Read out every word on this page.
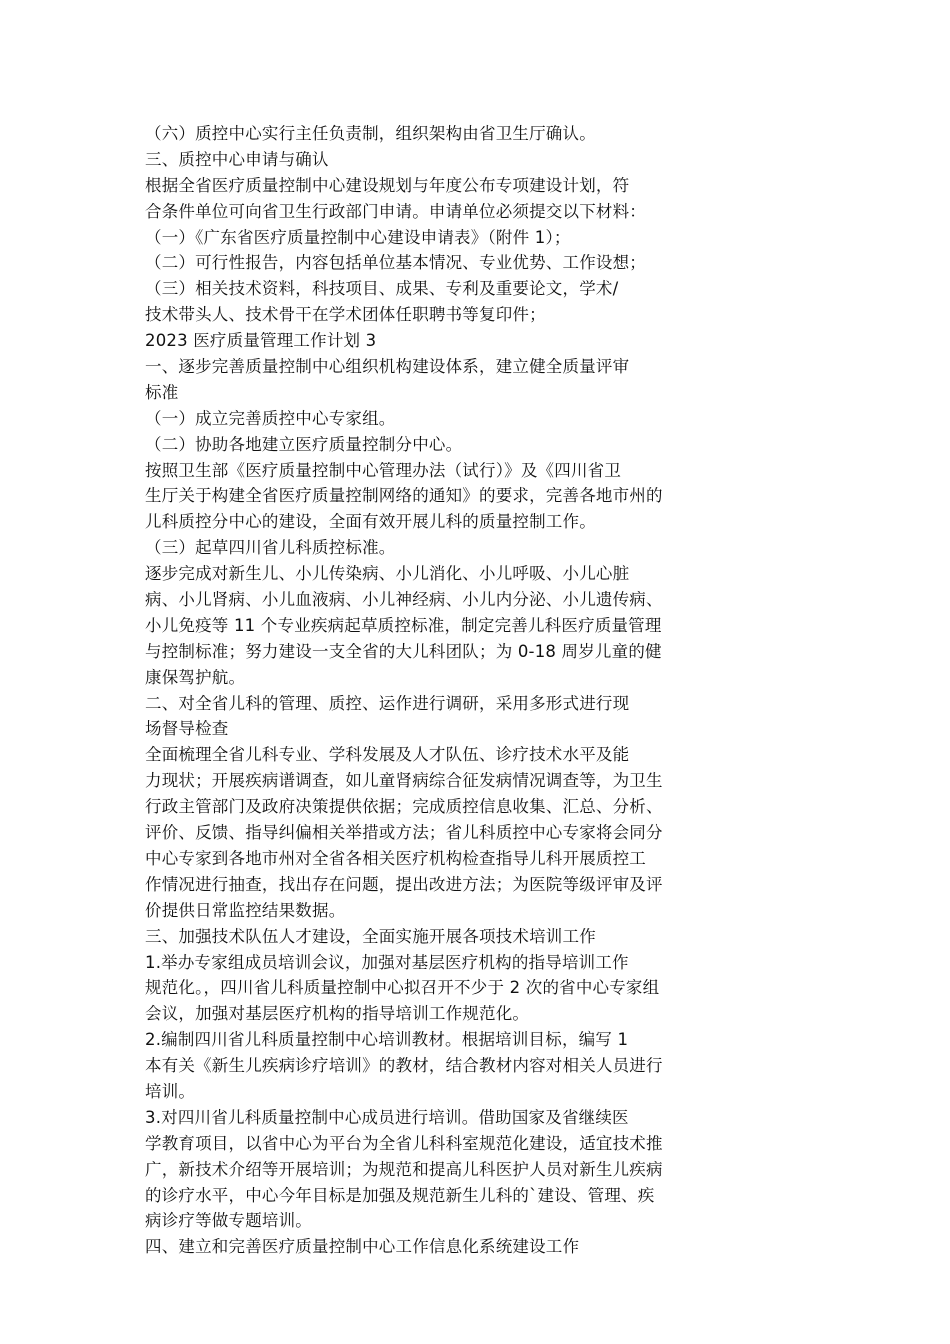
（六）质控中心实行主任负责制，组织架构由省卫生厅确认。
三、质控中心申请与确认
根据全省医疗质量控制中心建设规划与年度公布专项建设计划，符
合条件单位可向省卫生行政部门申请。申请单位必须提交以下材料：
（一）《广东省医疗质量控制中心建设申请表》（附件 1）；
（二）可行性报告，内容包括单位基本情况、专业优势、工作设想；
（三）相关技术资料，科技项目、成果、专利及重要论文，学术/
技术带头人、技术骨干在学术团体任职聘书等复印件；
2023 医疗质量管理工作计划 3
一、逐步完善质量控制中心组织机构建设体系，建立健全质量评审
标准
（一）成立完善质控中心专家组。
（二）协助各地建立医疗质量控制分中心。
按照卫生部《医疗质量控制中心管理办法（试行）》及《四川省卫
生厅关于构建全省医疗质量控制网络的通知》的要求，完善各地市州的
儿科质控分中心的建设，全面有效开展儿科的质量控制工作。
（三）起草四川省儿科质控标准。
逐步完成对新生儿、小儿传染病、小儿消化、小儿呼吸、小儿心脏
病、小儿肾病、小儿血液病、小儿神经病、小儿内分泌、小儿遗传病、
小儿免疫等 11 个专业疾病起草质控标准，制定完善儿科医疗质量管理
与控制标准；努力建设一支全省的大儿科团队；为 0-18 周岁儿童的健
康保驾护航。
二、对全省儿科的管理、质控、运作进行调研，采用多形式进行现
场督导检查
全面梳理全省儿科专业、学科发展及人才队伍、诊疗技术水平及能
力现状；开展疾病谱调查，如儿童肾病综合征发病情况调查等，为卫生
行政主管部门及政府决策提供依据；完成质控信息收集、汇总、分析、
评价、反馈、指导纠偏相关举措或方法；省儿科质控中心专家将会同分
中心专家到各地市州对全省各相关医疗机构检查指导儿科开展质控工
作情况进行抽查，找出存在问题，提出改进方法；为医院等级评审及评
价提供日常监控结果数据。
三、加强技术队伍人才建设，全面实施开展各项技术培训工作
1.举办专家组成员培训会议，加强对基层医疗机构的指导培训工作
规范化。，四川省儿科质量控制中心拟召开不少于 2 次的省中心专家组
会议，加强对基层医疗机构的指导培训工作规范化。
2.编制四川省儿科质量控制中心培训教材。根据培训目标，编写 1
本有关《新生儿疾病诊疗培训》的教材，结合教材内容对相关人员进行
培训。
3.对四川省儿科质量控制中心成员进行培训。借助国家及省继续医
学教育项目，以省中心为平台为全省儿科科室规范化建设，适宜技术推
广，新技术介绍等开展培训；为规范和提高儿科医护人员对新生儿疾病
的诊疗水平，中心今年目标是加强及规范新生儿科的`建设、管理、疾
病诊疗等做专题培训。
四、建立和完善医疗质量控制中心工作信息化系统建设工作
